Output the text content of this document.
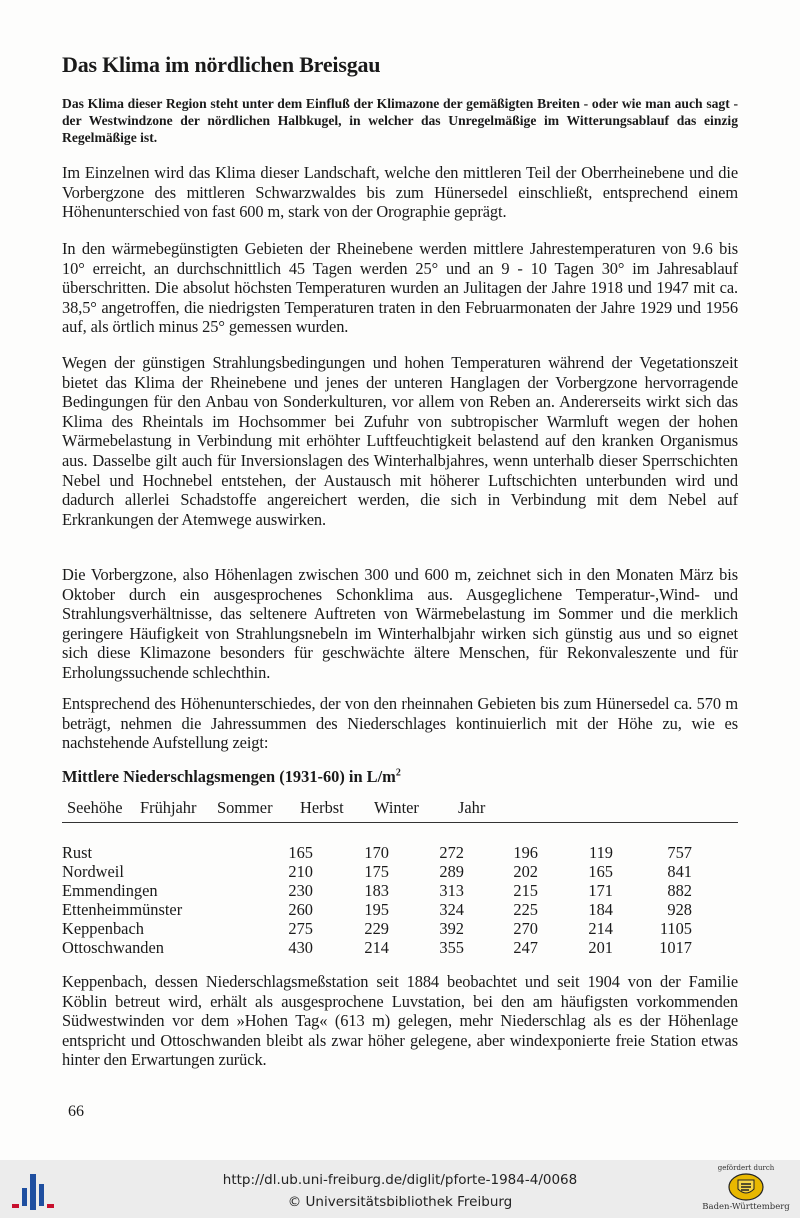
Das Klima im nördlichen Breisgau

Das Klima dieser Region steht unter dem Einfluß der Klimazone der gemäßigten Breiten - oder wie man auch sagt - der Westwindzone der nördlichen Halbkugel, in welcher das Unregelmäßige im Witterungsablauf das einzig Regelmäßige ist.

Im Einzelnen wird das Klima dieser Landschaft, welche den mittleren Teil der Oberrheinebene und die Vorbergzone des mittleren Schwarzwaldes bis zum Hünersedel einschließt, entsprechend einem Höhenunterschied von fast 600 m, stark von der Orographie geprägt.

In den wärmebegünstigten Gebieten der Rheinebene werden mittlere Jahrestemperaturen von 9.6 bis 10° erreicht, an durchschnittlich 45 Tagen werden 25° und an 9 - 10 Tagen 30° im Jahresablauf überschritten. Die absolut höchsten Temperaturen wurden an Julitagen der Jahre 1918 und 1947 mit ca. 38,5° angetroffen, die niedrigsten Temperaturen traten in den Februarmonaten der Jahre 1929 und 1956 auf, als örtlich minus 25° gemessen wurden.

Wegen der günstigen Strahlungsbedingungen und hohen Temperaturen während der Vegetationszeit bietet das Klima der Rheinebene und jenes der unteren Hanglagen der Vorbergzone hervorragende Bedingungen für den Anbau von Sonderkulturen, vor allem von Reben an. Andererseits wirkt sich das Klima des Rheintals im Hochsommer bei Zufuhr von subtropischer Warmluft wegen der hohen Wärmebelastung in Verbindung mit erhöhter Luftfeuchtigkeit belastend auf den kranken Organismus aus. Dasselbe gilt auch für Inversionslagen des Winterhalbjahres, wenn unterhalb dieser Sperrschichten Nebel und Hochnebel entstehen, der Austausch mit höherer Luftschichten unterbunden wird und dadurch allerlei Schadstoffe angereichert werden, die sich in Verbindung mit dem Nebel auf Erkrankungen der Atemwege auswirken.

Die Vorbergzone, also Höhenlagen zwischen 300 und 600 m, zeichnet sich in den Monaten März bis Oktober durch ein ausgesprochenes Schonklima aus. Ausgeglichene Temperatur-,Wind- und Strahlungsverhältnisse, das seltenere Auftreten von Wärmebelastung im Sommer und die merklich geringere Häufigkeit von Strahlungsnebeln im Winterhalbjahr wirken sich günstig aus und so eignet sich diese Klimazone besonders für geschwächte ältere Menschen, für Rekonvaleszente und für Erholungssuchende schlechthin.

Entsprechend des Höhenunterschiedes, der von den rheinnahen Gebieten bis zum Hünersedel ca. 570 m beträgt, nehmen die Jahressummen des Niederschlages kontinuierlich mit der Höhe zu, wie es nachstehende Aufstellung zeigt:

Mittlere Niederschlagsmengen (1931-60) in $L/m^2$
Seehöhe Frühjahr Sommer Herbst Winter Jahr
Rust	165	170	272	196	119	757
Nordweil	210	175	289	202	165	841
Emmendingen	230	183	313	215	171	882
Ettenheimmünster	260	195	324	225	184	928
Keppenbach	275	229	392	270	214	1105
Ottoschwanden	430	214	355	247	201	1017

Keppenbach, dessen Niederschlagsmeßstation seit 1884 beobachtet und seit 1904 von der Familie Köblin betreut wird, erhält als ausgesprochene Luvstation, bei den am häufigsten vorkommenden Südwestwinden vor dem »Hohen Tag« (613 m) gelegen, mehr Niederschlag als es der Höhenlage entspricht und Ottoschwanden bleibt als zwar höher gelegene, aber windexponierte freie Station etwas hinter den Erwartungen zurück.

66
http://dl.ub.uni-freiburg.de/diglit/pforte-1984-4/0068
© Universitätsbibliothek Freiburg
gefördert durch
Baden-Württemberg
